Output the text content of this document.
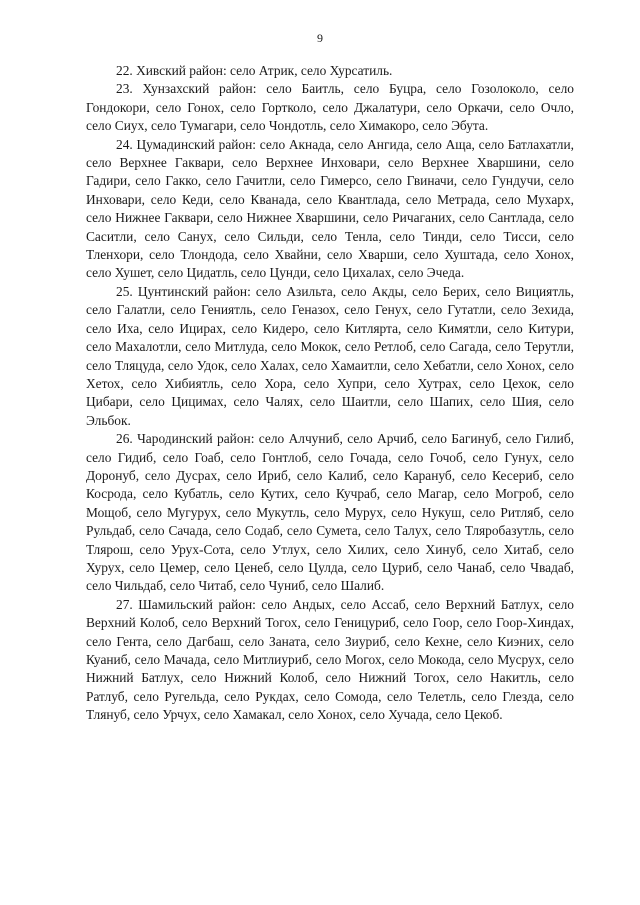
9

22. Хивский район: село Атрик, село Хурсатиль.

23. Хунзахский район: село Баитль, село Буцра, село Гозолоколо, село Гондокори, село Гонох, село Гортколо, село Джалатури, село Оркачи, село Очло, село Сиух, село Тумагари, село Чондотль, село Химакоро, село Эбута.

24. Цумадинский район: село Акнада, село Ангида, село Аща, село Батлахатли, село Верхнее Гаквари, село Верхнее Инховари, село Верхнее Хваршини, село Гадири, село Гакко, село Гачитли, село Гимерсо, село Гвиначи, село Гундучи, село Инховари, село Кеди, село Кванада, село Квантлада, село Метрада, село Мухарх, село Нижнее Гаквари, село Нижнее Хваршини, село Ричаганих, село Сантлада, село Саситли, село Санух, село Сильди, село Тенла, село Тинди, село Тисси, село Тленхори, село Тлондода, село Хвайни, село Хварши, село Хуштада, село Хонох, село Хушет, село Цидатль, село Цунди, село Цихалах, село Эчеда.

25. Цунтинский район: село Азильта, село Акды, село Берих, село Вициятль, село Галатли, село Гениятль, село Геназох, село Генух, село Гутатли, село Зехида, село Иха, село Ицирах, село Кидеро, село Китлярта, село Кимятли, село Китури, село Махалотли, село Митлуда, село Мокок, село Ретлоб, село Сагада, село Терутли, село Тляцуда, село Удок, село Халах, село Хамаитли, село Хебатли, село Хонох, село Хетох, село Хибиятль, село Хора, село Хупри, село Хутрах, село Цехок, село Цибари, село Цицимах, село Чалях, село Шаитли, село Шапих, село Шия, село Эльбок.

26. Чародинский район: село Алчуниб, село Арчиб, село Багинуб, село Гилиб, село Гидиб, село Гоаб, село Гонтлоб, село Гочада, село Гочоб, село Гунух, село Доронуб, село Дусрах, село Ириб, село Калиб, село Карануб, село Кесериб, село Косрода, село Кубатль, село Кутих, село Кучраб, село Магар, село Могроб, село Мощоб, село Мугурух, село Мукутль, село Мурух, село Нукуш, село Ритляб, село Рульдаб, село Сачада, село Содаб, село Сумета, село Талух, село Тляробазутль, село Тлярош, село Урух-Сота, село Утлух, село Хилих, село Хинуб, село Хитаб, село Хурух, село Цемер, село Ценеб, село Цулда, село Цуриб, село Чанаб, село Чвадаб, село Чильдаб, село Читаб, село Чуниб, село Шалиб.

27. Шамильский район: село Андых, село Ассаб, село Верхний Батлух, село Верхний Колоб, село Верхний Тогох, село Геницуриб, село Гоор, село Гоор-Хиндах, село Гента, село Дагбаш, село Заната, село Зиуриб, село Кехне, село Киэних, село Куаниб, село Мачада, село Митлиуриб, село Могох, село Мокода, село Мусрух, село Нижний Батлух, село Нижний Колоб, село Нижний Тогох, село Накитль, село Ратлуб, село Ругельда, село Рукдах, село Сомода, село Телетль, село Глезда, село Тлянуб, село Урчух, село Хамакал, село Хонох, село Хучада, село Цекоб.
